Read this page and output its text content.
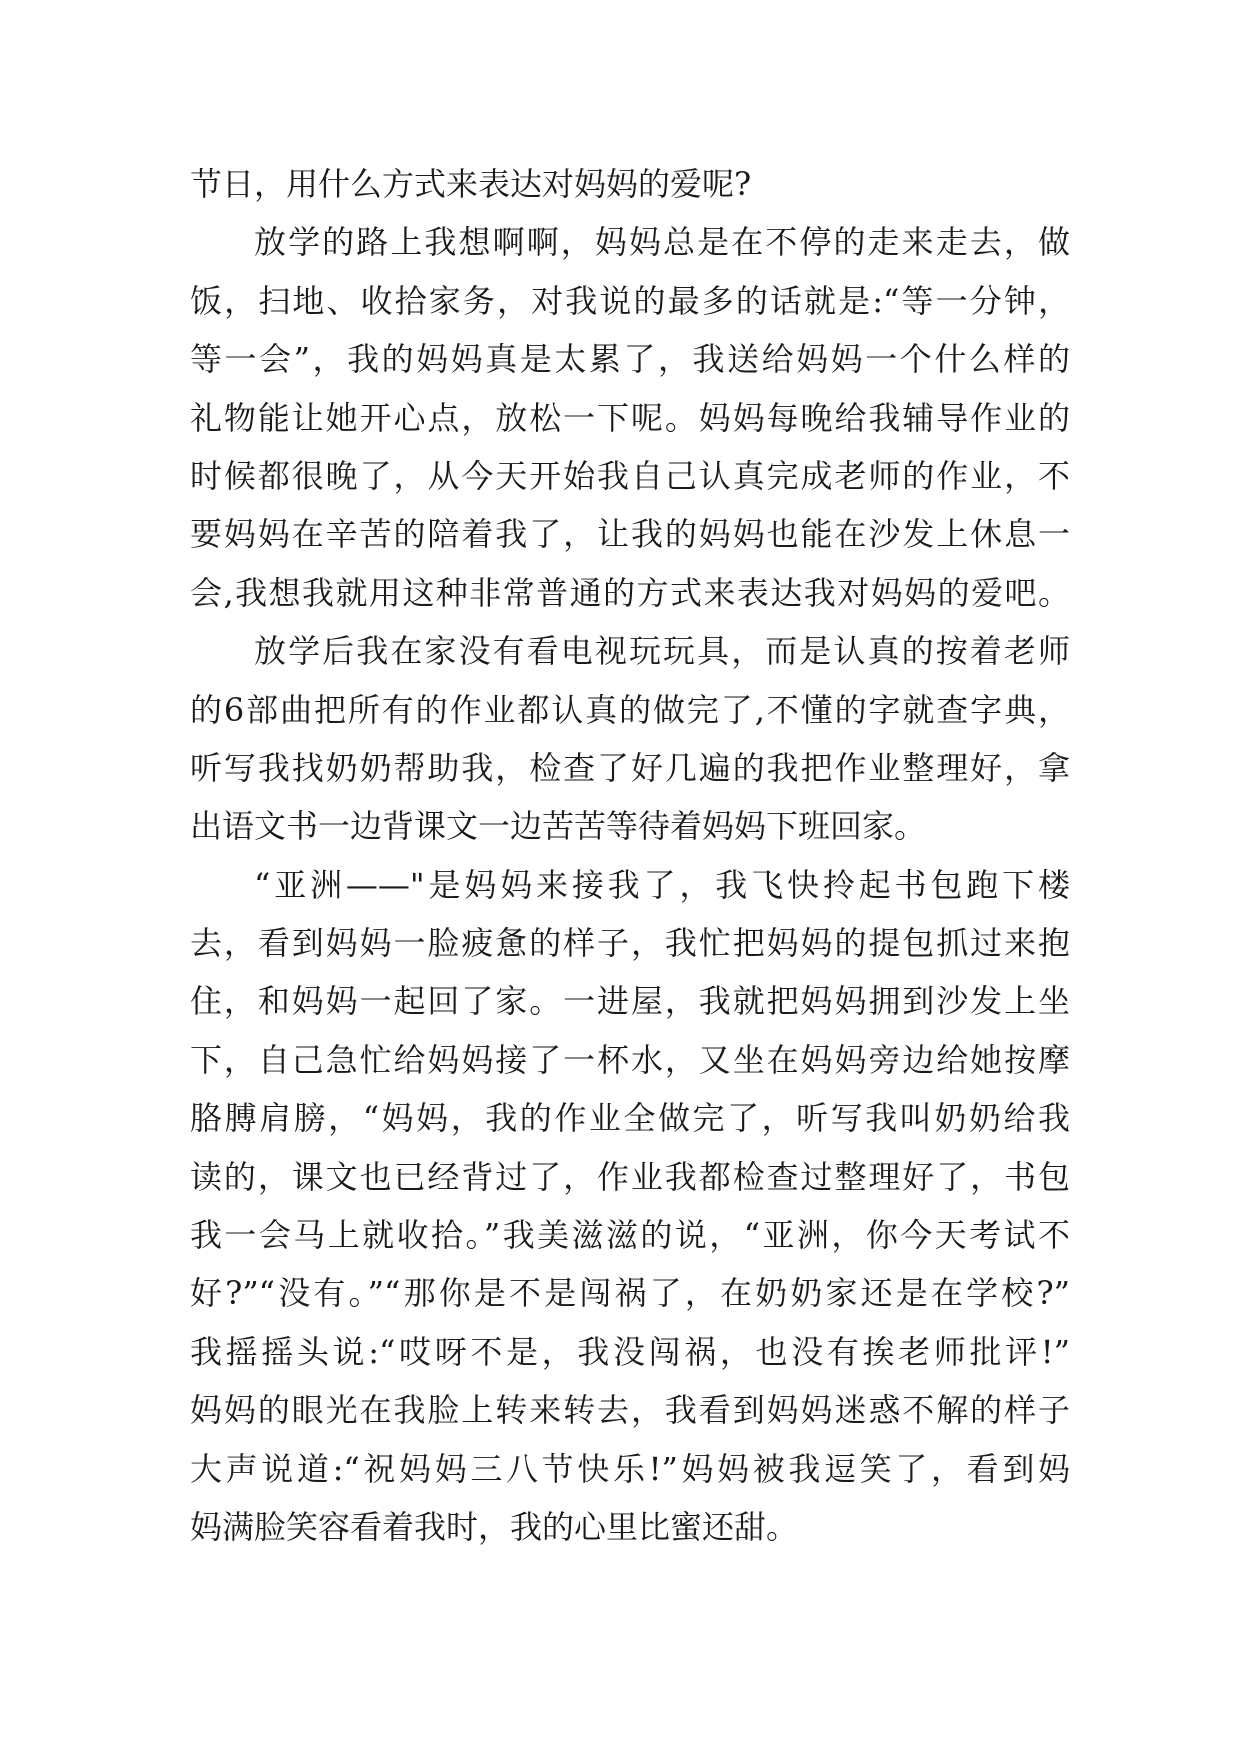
节日，用什么方式来表达对妈妈的爱呢?
放学的路上我想啊啊，妈妈总是在不停的走来走去，做
饭，扫地、收拾家务，对我说的最多的话就是:“等一分钟，
等一会”，我的妈妈真是太累了，我送给妈妈一个什么样的
礼物能让她开心点，放松一下呢。妈妈每晚给我辅导作业的
时候都很晚了，从今天开始我自己认真完成老师的作业，不
要妈妈在辛苦的陪着我了，让我的妈妈也能在沙发上休息一
会,我想我就用这种非常普通的方式来表达我对妈妈的爱吧。
放学后我在家没有看电视玩玩具，而是认真的按着老师
的6部曲把所有的作业都认真的做完了,不懂的字就查字典，
听写我找奶奶帮助我，检查了好几遍的我把作业整理好，拿
出语文书一边背课文一边苦苦等待着妈妈下班回家。
“亚洲——"是妈妈来接我了，我飞快拎起书包跑下楼
去，看到妈妈一脸疲惫的样子，我忙把妈妈的提包抓过来抱
住，和妈妈一起回了家。一进屋，我就把妈妈拥到沙发上坐
下，自己急忙给妈妈接了一杯水，又坐在妈妈旁边给她按摩
胳膊肩膀，“妈妈，我的作业全做完了，听写我叫奶奶给我
读的，课文也已经背过了，作业我都检查过整理好了，书包
我一会马上就收拾。”我美滋滋的说，“亚洲，你今天考试不
好?”“没有。”“那你是不是闯祸了，在奶奶家还是在学校?”
我摇摇头说:“哎呀不是，我没闯祸，也没有挨老师批评!”
妈妈的眼光在我脸上转来转去，我看到妈妈迷惑不解的样子
大声说道:“祝妈妈三八节快乐!”妈妈被我逗笑了，看到妈
妈满脸笑容看着我时，我的心里比蜜还甜。
